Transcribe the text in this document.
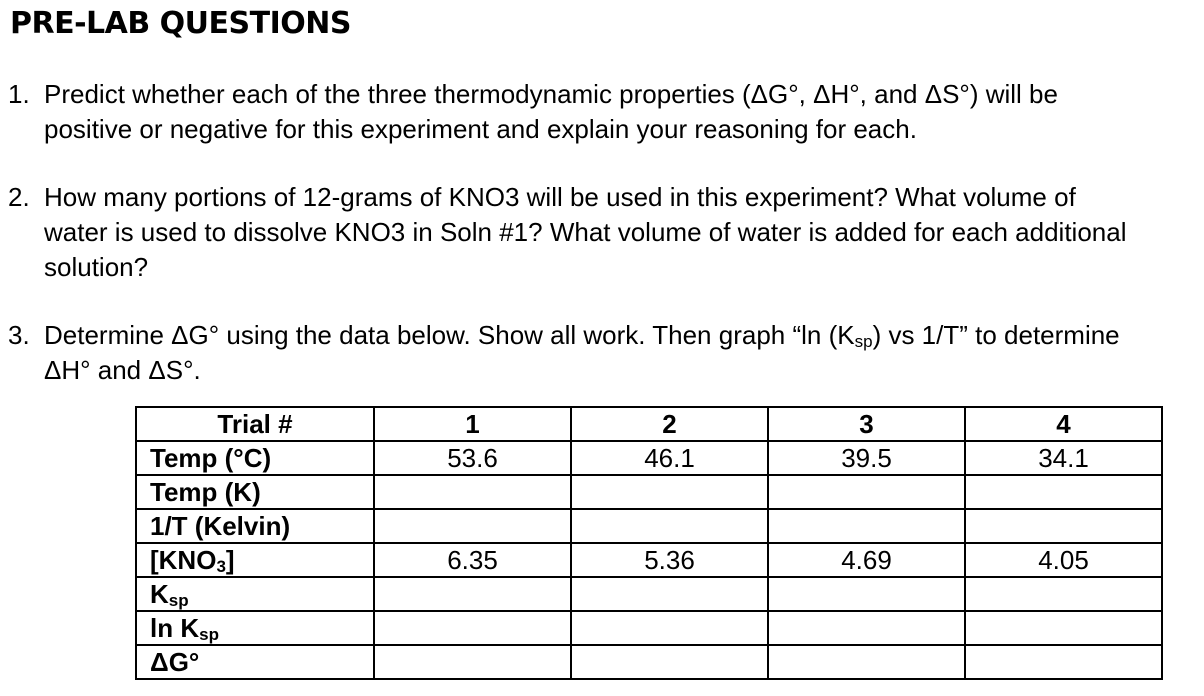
PRE-LAB QUESTIONS
1. Predict whether each of the three thermodynamic properties (ΔG°, ΔH°, and ΔS°) will be
positive or negative for this experiment and explain your reasoning for each.
2. How many portions of 12-grams of KNO3 will be used in this experiment? What volume of
water is used to dissolve KNO3 in Soln #1? What volume of water is added for each additional
solution?
3. Determine ΔG° using the data below. Show all work. Then graph “ln $(K_{sp})$ vs 1/T” to determine
ΔH° and ΔS°.
Trial #	1	2	3	4
Temp (°C)	53.6	46.1	39.5	34.1
Temp (K)				
1/T (Kelvin)				
$[KNO_3]$	6.35	5.36	4.69	4.05
$K_{sp}$				
$\ln K_{sp}$				
ΔG°				
